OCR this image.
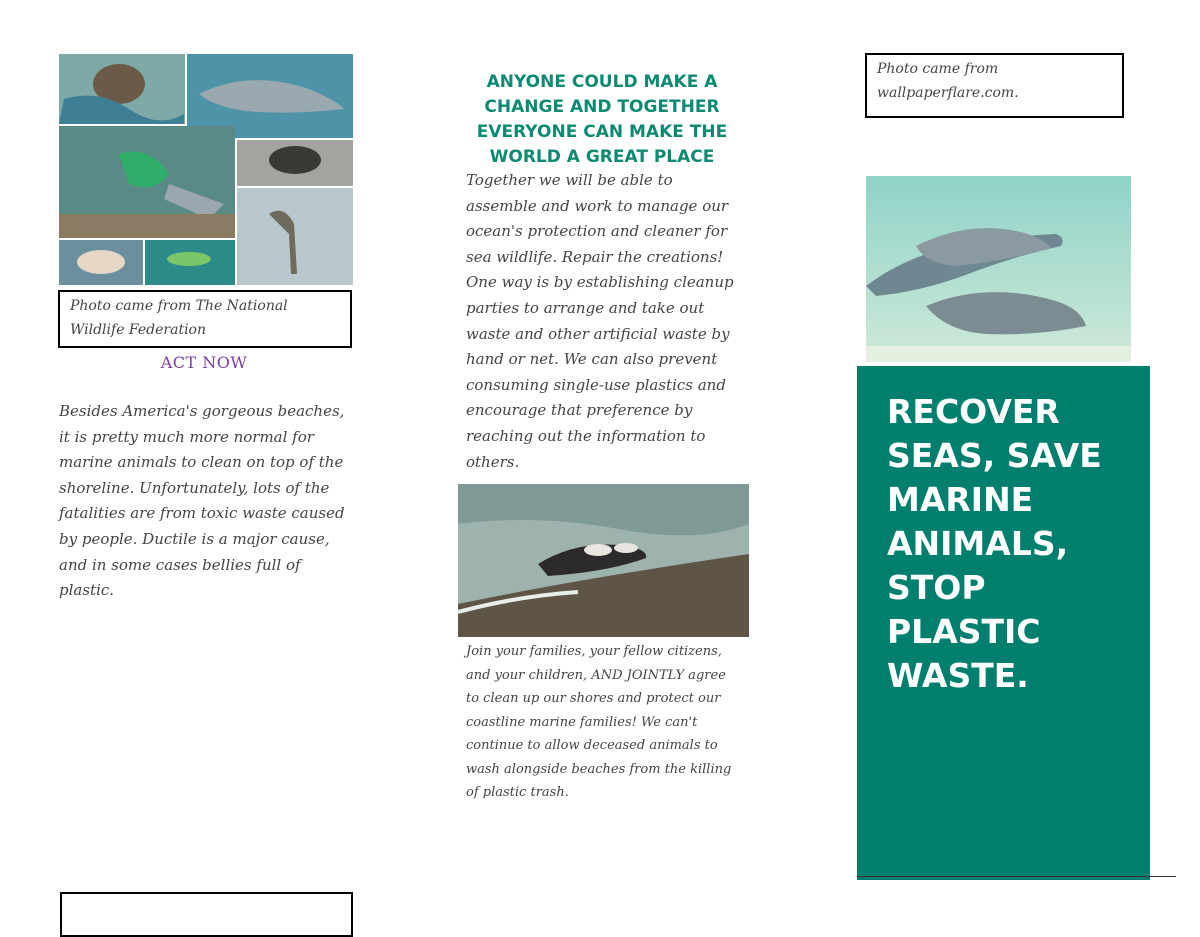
Photo came from The National Wildlife Federation
ACT NOW

Besides America's gorgeous beaches, it is pretty much more normal for marine animals to clean on top of the shoreline. Unfortunately, lots of the fatalities are from toxic waste caused by people. Ductile is a major cause, and in some cases bellies full of plastic.

ANYONE COULD MAKE A CHANGE AND TOGETHER EVERYONE CAN MAKE THE WORLD A GREAT PLACE

Together we will be able to assemble and work to manage our ocean's protection and cleaner for sea wildlife. Repair the creations! One way is by establishing cleanup parties to arrange and take out waste and other artificial waste by hand or net. We can also prevent consuming single-use plastics and encourage that preference by reaching out the information to others.

Join your families, your fellow citizens, and your children, AND JOINTLY agree to clean up our shores and protect our coastline marine families! We can't continue to allow deceased animals to wash alongside beaches from the killing of plastic trash.

Photo came from wallpaperflare.com.
RECOVER SEAS, SAVE MARINE ANIMALS, STOP PLASTIC WASTE.
